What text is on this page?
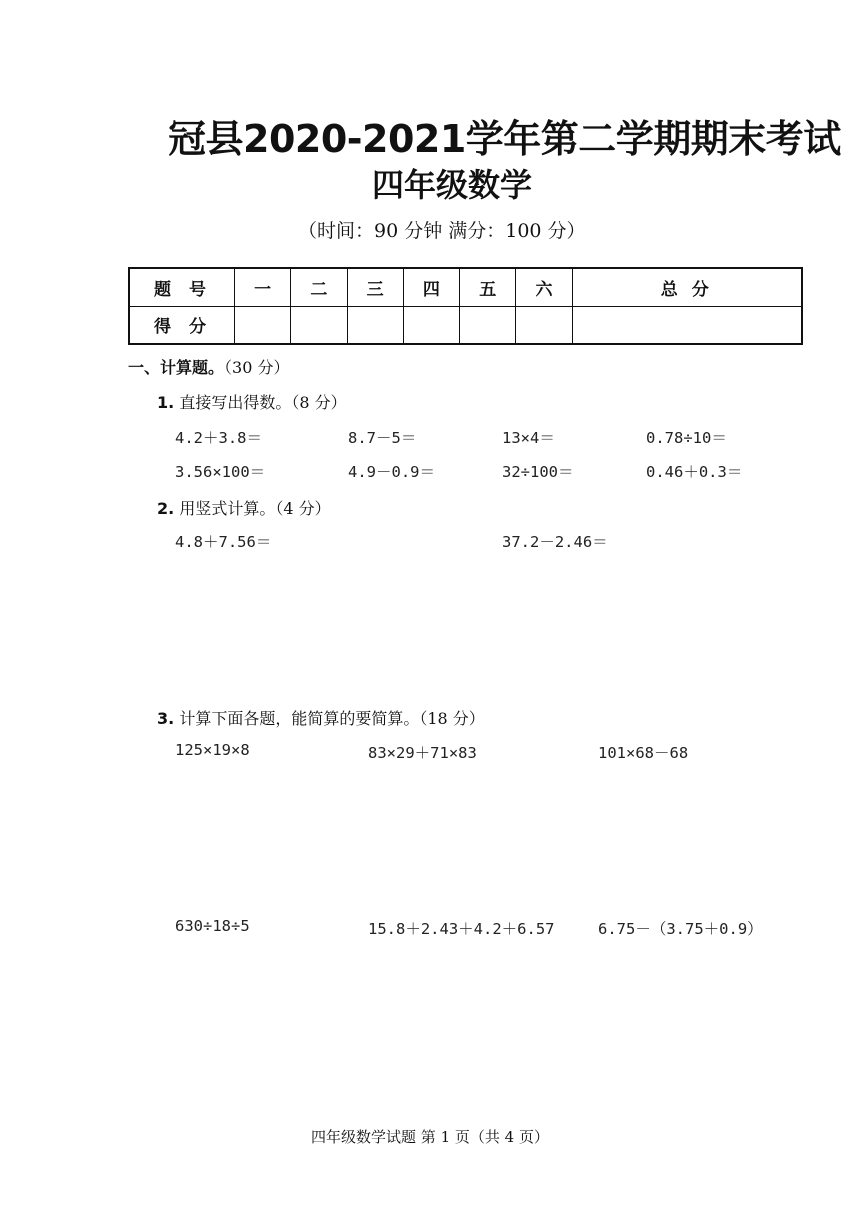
冠县2020-2021学年第二学期期末考试
四年级数学
（时间：90 分钟 满分：100 分）
题号	一	二	三	四	五	六	总分
得分							
一、计算题。（30 分）
1. 直接写出得数。（8 分）
4.2＋3.8＝	8.7－5＝	13×4＝	0.78÷10＝
3.56×100＝	4.9－0.9＝	32÷100＝	0.46＋0.3＝
2. 用竖式计算。（4 分）
4.8＋7.56＝	37.2－2.46＝
3. 计算下面各题，能简算的要简算。（18 分）
125×19×8	83×29＋71×83	101×68－68
630÷18÷5	15.8＋2.43＋4.2＋6.57	6.75－（3.75＋0.9）
四年级数学试题 第 1 页（共 4 页）
